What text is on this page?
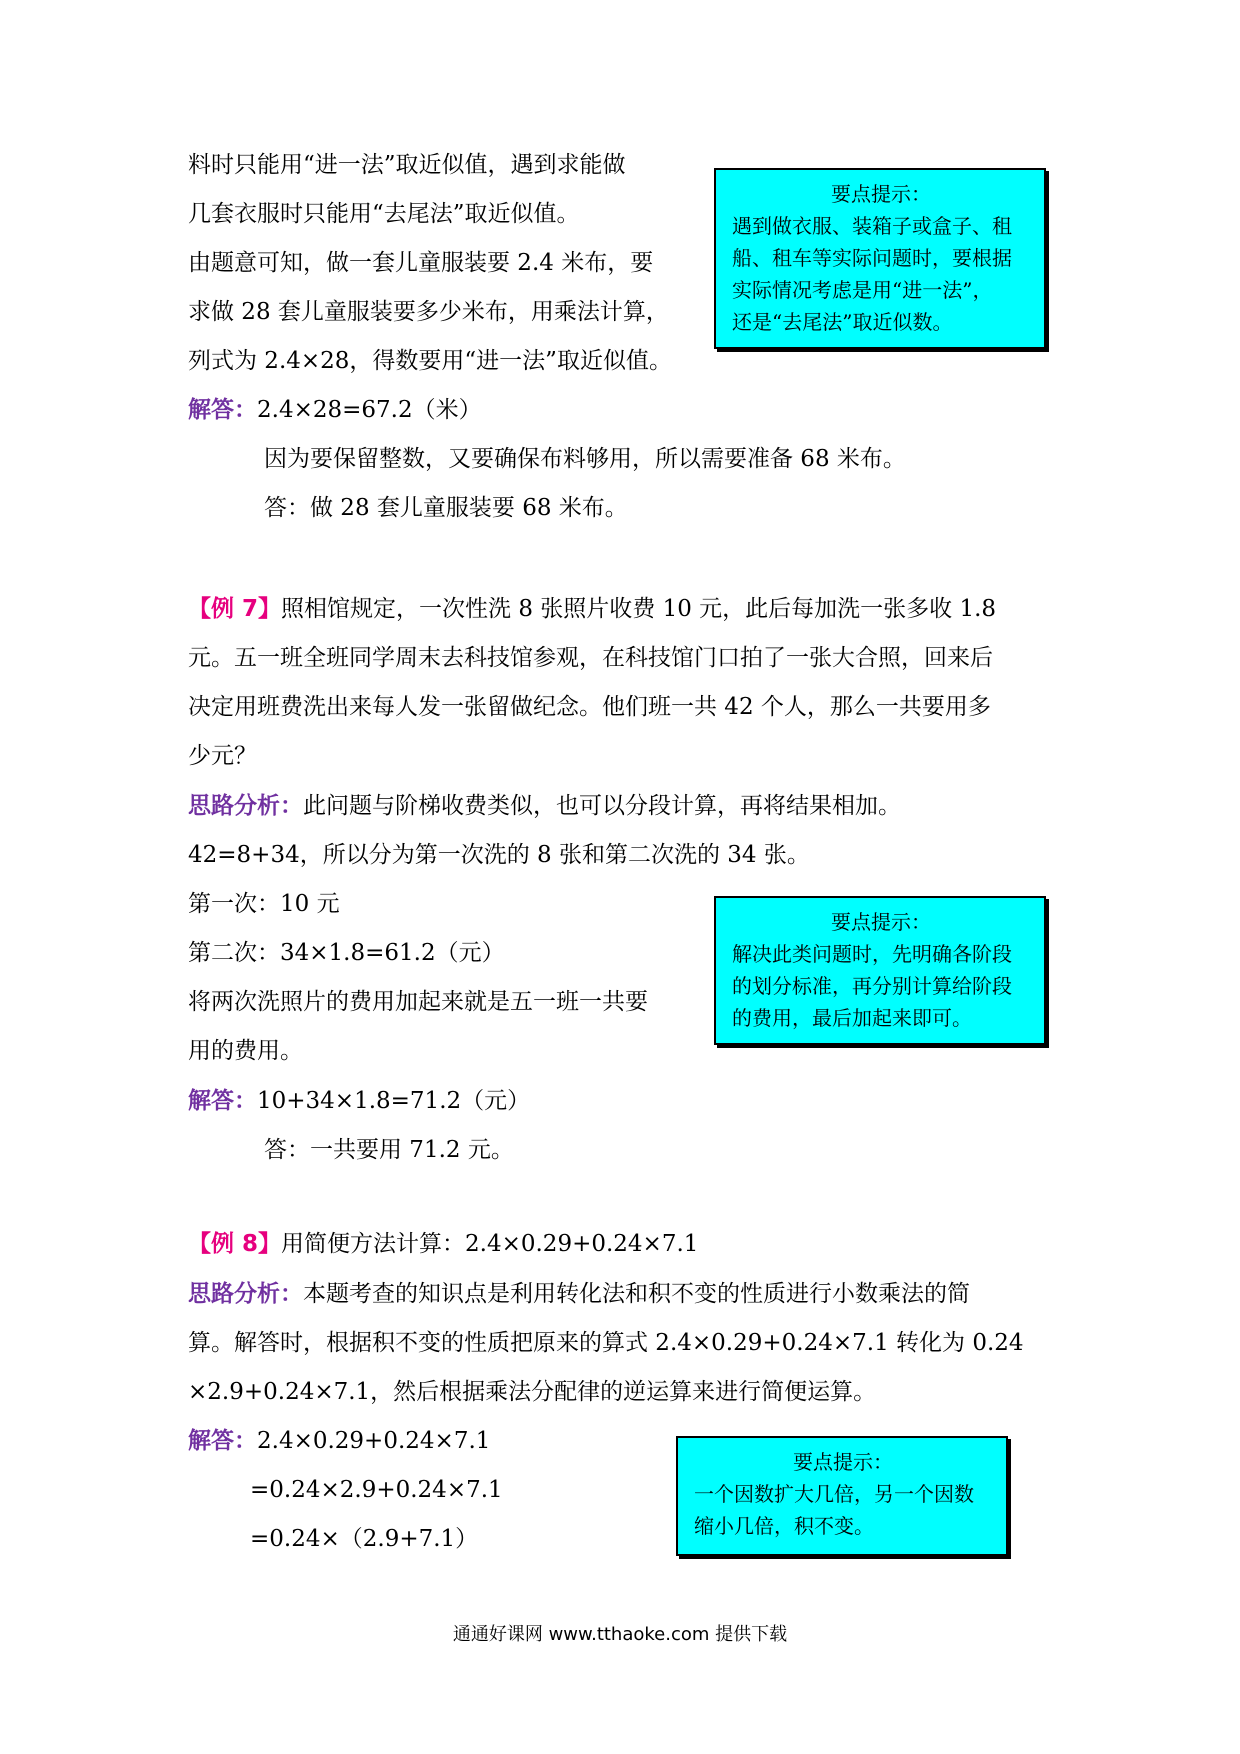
料时只能用“进一法”取近似值，遇到求能做
几套衣服时只能用“去尾法”取近似值。
由题意可知，做一套儿童服装要 2.4 米布，要
求做 28 套儿童服装要多少米布，用乘法计算，
列式为 2.4×28，得数要用“进一法”取近似值。
解答：2.4×28=67.2（米）
因为要保留整数，又要确保布料够用，所以需要准备 68 米布。
答：做 28 套儿童服装要 68 米布。
要点提示：
遇到做衣服、装箱子或盒子、租
船、租车等实际问题时，要根据
实际情况考虑是用“进一法”，
还是“去尾法”取近似数。
【例 7】照相馆规定，一次性洗 8 张照片收费 10 元，此后每加洗一张多收 1.8
元。五一班全班同学周末去科技馆参观，在科技馆门口拍了一张大合照，回来后
决定用班费洗出来每人发一张留做纪念。他们班一共 42 个人，那么一共要用多
少元？
思路分析：此问题与阶梯收费类似，也可以分段计算，再将结果相加。
42=8+34，所以分为第一次洗的 8 张和第二次洗的 34 张。
第一次：10 元
第二次：34×1.8=61.2（元）
将两次洗照片的费用加起来就是五一班一共要
用的费用。
解答：10+34×1.8=71.2（元）
答：一共要用 71.2 元。
要点提示：
解决此类问题时，先明确各阶段
的划分标准，再分别计算给阶段
的费用，最后加起来即可。
【例 8】用简便方法计算：2.4×0.29+0.24×7.1
思路分析：本题考查的知识点是利用转化法和积不变的性质进行小数乘法的简
算。解答时，根据积不变的性质把原来的算式 2.4×0.29+0.24×7.1 转化为 0.24
×2.9+0.24×7.1，然后根据乘法分配律的逆运算来进行简便运算。
解答：2.4×0.29+0.24×7.1
=0.24×2.9+0.24×7.1
=0.24×（2.9+7.1）
要点提示：
一个因数扩大几倍，另一个因数
缩小几倍，积不变。
通通好课网 www.tthaoke.com 提供下载
